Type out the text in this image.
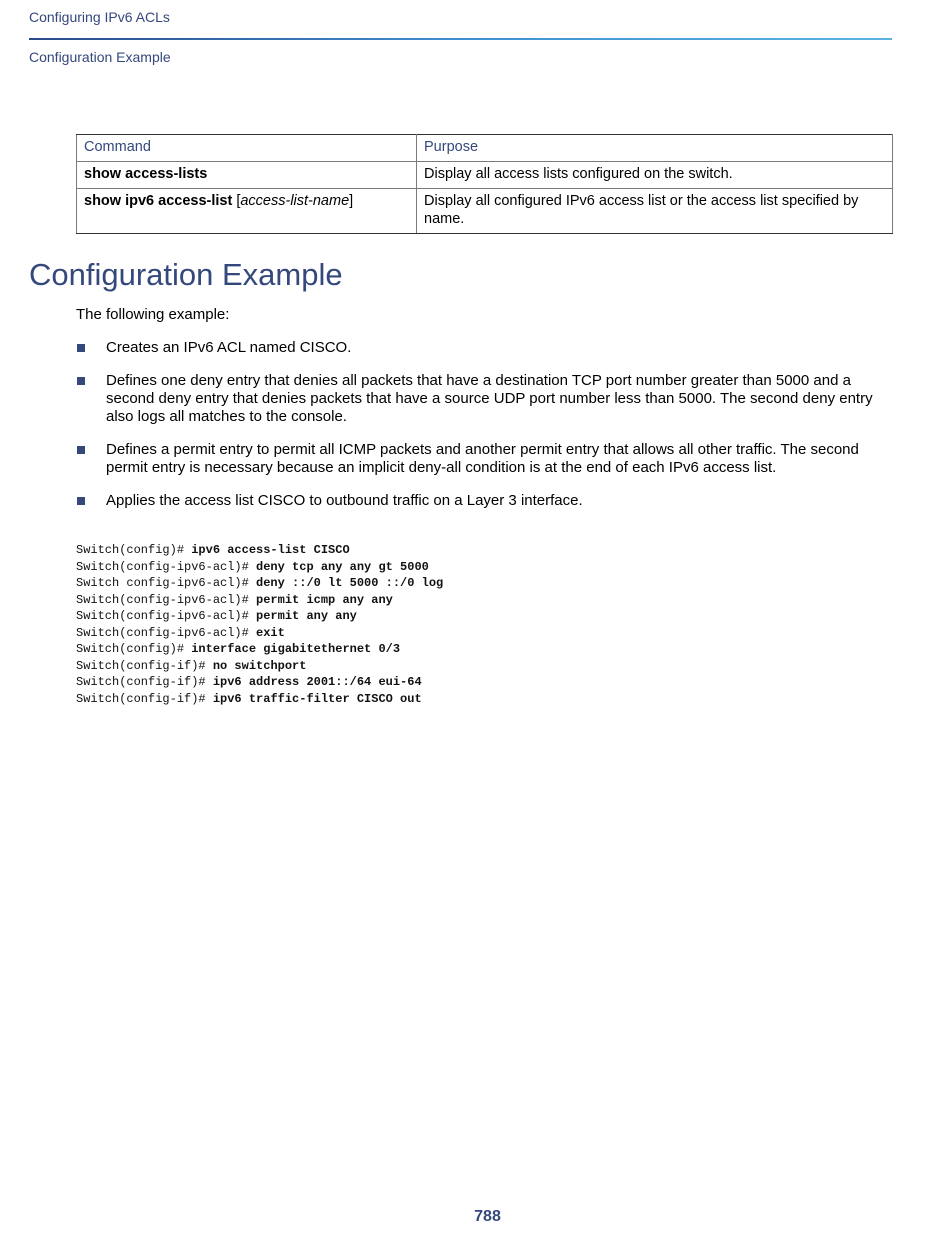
Configuring IPv6 ACLs
Configuration Example
Command	Purpose
show access-lists	Display all access lists configured on the switch.
show ipv6 access-list [access-list-name]	Display all configured IPv6 access list or the access list specified by name.
Configuration Example

The following example:

Creates an IPv6 ACL named CISCO.
Defines one deny entry that denies all packets that have a destination TCP port number greater than 5000 and a second deny entry that denies packets that have a source UDP port number less than 5000. The second deny entry also logs all matches to the console.
Defines a permit entry to permit all ICMP packets and another permit entry that allows all other traffic. The second permit entry is necessary because an implicit deny-all condition is at the end of each IPv6 access list.
Applies the access list CISCO to outbound traffic on a Layer 3 interface.
Switch(config)# ipv6 access-list CISCO
Switch(config-ipv6-acl)# deny tcp any any gt 5000
Switch config-ipv6-acl)# deny ::/0 lt 5000 ::/0 log
Switch(config-ipv6-acl)# permit icmp any any
Switch(config-ipv6-acl)# permit any any
Switch(config-ipv6-acl)# exit
Switch(config)# interface gigabitethernet 0/3
Switch(config-if)# no switchport
Switch(config-if)# ipv6 address 2001::/64 eui-64
Switch(config-if)# ipv6 traffic-filter CISCO out
788
